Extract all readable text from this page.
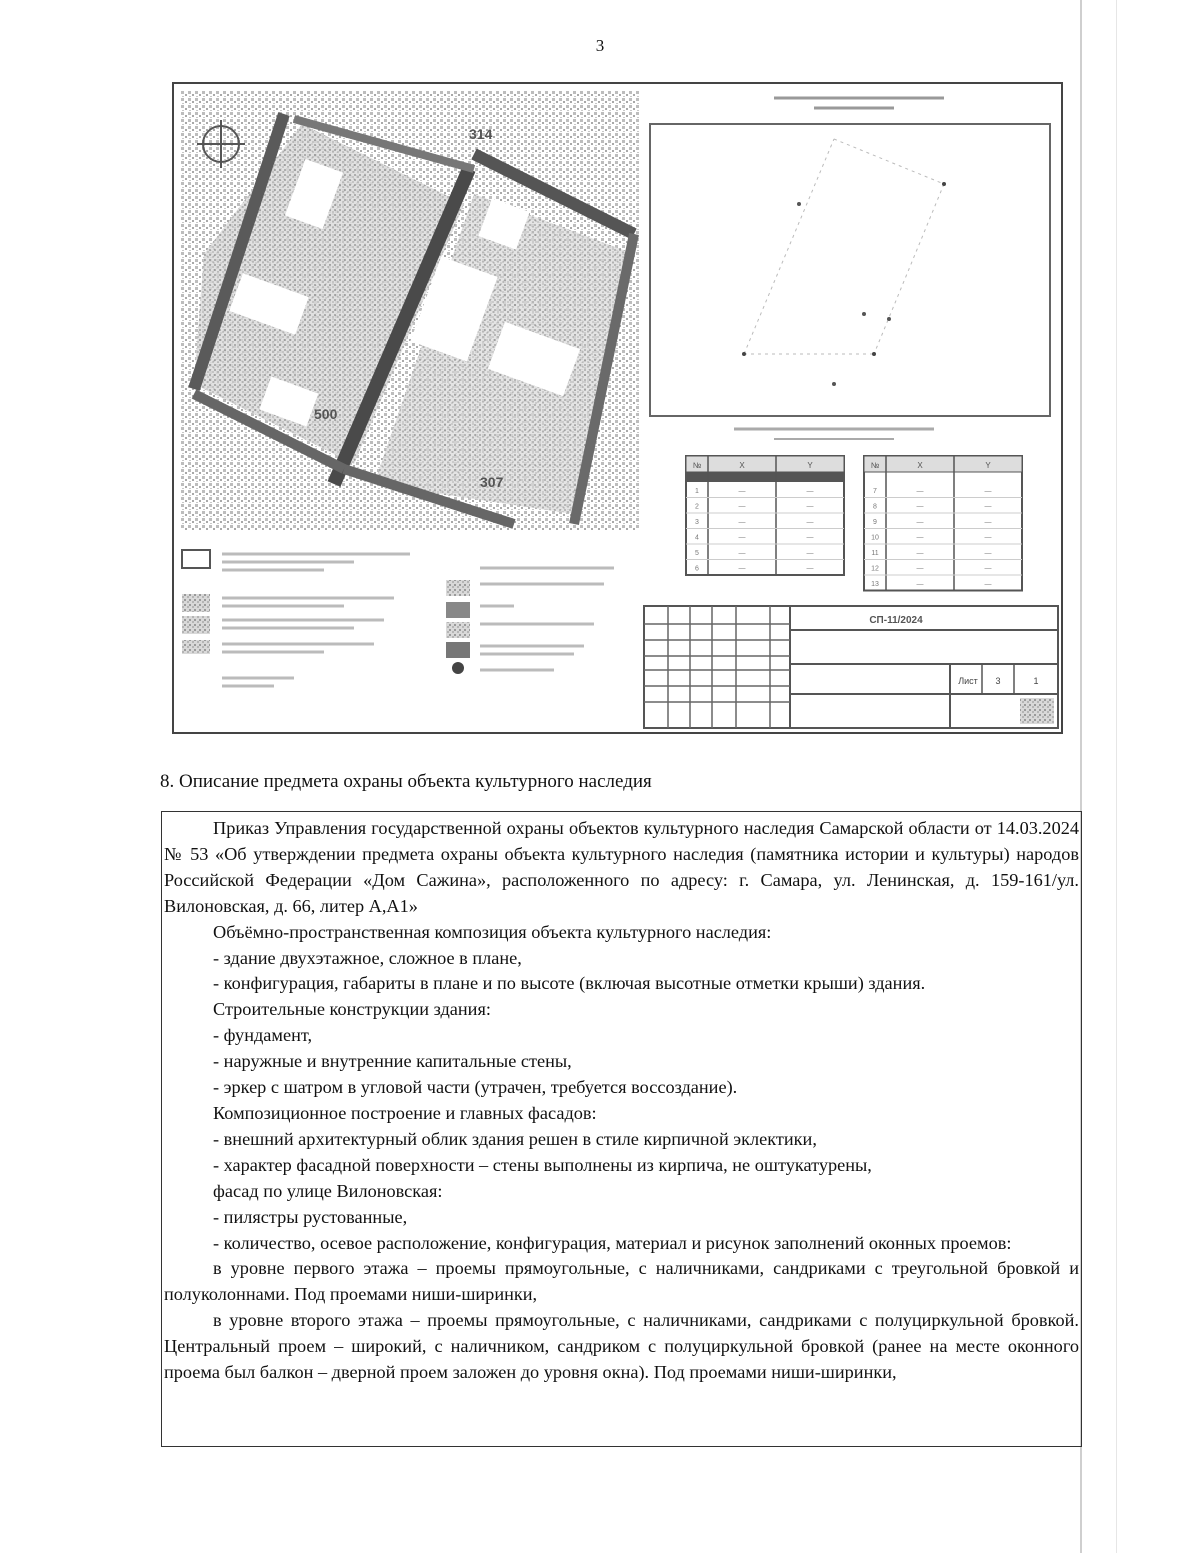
3
314
500
307
№	X	Y
1	—	—
2	—	—
3	—	—
4	—	—
5	—	—
6	—	—
№	X	Y
7	—	—
8	—	—
9	—	—
10	—	—
11	—	—
12	—	—
13	—	—
СП-11/2024
Лист 3	1
8. Описание предмета охраны объекта культурного наследия

Приказ Управления государственной охраны объектов культурного наследия Самарской области от 14.03.2024 № 53 «Об утверждении предмета охраны объекта культурного наследия (памятника истории и культуры) народов Российской Федерации «Дом Сажина», расположенного по адресу: г. Самара, ул. Ленинская, д. 159-161/ул. Вилоновская, д. 66, литер А,А1»

Объёмно-пространственная композиция объекта культурного наследия:

- здание двухэтажное, сложное в плане,

- конфигурация, габариты в плане и по высоте (включая высотные отметки крыши) здания.

Строительные конструкции здания:

- фундамент,

- наружные и внутренние капитальные стены,

- эркер с шатром в угловой части (утрачен, требуется воссоздание).

Композиционное построение и главных фасадов:

- внешний архитектурный облик здания решен в стиле кирпичной эклектики,

- характер фасадной поверхности – стены выполнены из кирпича, не оштукатурены,

фасад по улице Вилоновская:

- пилястры рустованные,

- количество, осевое расположение, конфигурация, материал и рисунок заполнений оконных проемов:

в уровне первого этажа – проемы прямоугольные, с наличниками, сандриками с треугольной бровкой и полуколоннами. Под проемами ниши-ширинки,

в уровне второго этажа – проемы прямоугольные, с наличниками, сандриками с полуциркульной бровкой. Центральный проем – широкий, с наличником, сандриком с полуциркульной бровкой (ранее на месте оконного проема был балкон – дверной проем заложен до уровня окна). Под проемами ниши-ширинки,
